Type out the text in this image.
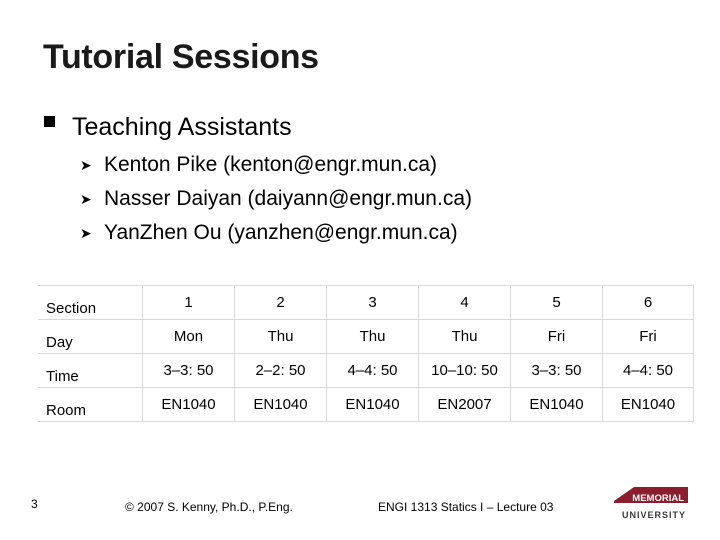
Tutorial Sessions
Teaching Assistants
➤ Kenton Pike (kenton@engr.mun.ca)
➤ Nasser Daiyan (daiyann@engr.mun.ca)
➤ YanZhen Ou (yanzhen@engr.mun.ca)
Section	1	2	3	4	5	6
Day	Mon	Thu	Thu	Thu	Fri	Fri
Time	3–3: 50	2–2: 50	4–4: 50	10–10: 50	3–3: 50	4–4: 50
Room	EN1040	EN1040	EN1040	EN2007	EN1040	EN1040
3	© 2007 S. Kenny, Ph.D., P.Eng.	ENGI 1313 Statics I – Lecture 03
MEMORIAL
UNIVERSITY
